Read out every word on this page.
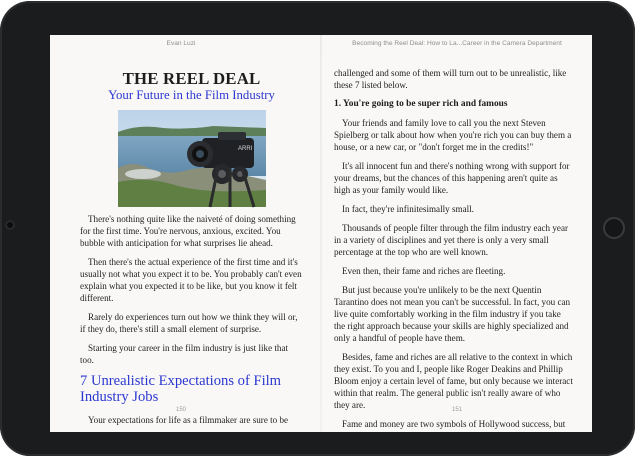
Evan Luzi	Becoming the Reel Deal: How to La...Career in the Camera Department
THE REEL DEAL
Your Future in the Film Industry
ARRI

There's nothing quite like the naiveté of doing something for the first time. You're nervous, anxious, excited. You bubble with anticipation for what surprises lie ahead.

Then there's the actual experience of the first time and it's usually not what you expect it to be. You probably can't even explain what you expected it to be like, but you know it felt different.

Rarely do experiences turn out how we think they will or, if they do, there's still a small element of surprise.

Starting your career in the film industry is just like that too.

7 Unrealistic Expectations of Film Industry Jobs

Your expectations for life as a filmmaker are sure to be

challenged and some of them will turn out to be unrealistic, like these 7 listed below.

1. You're going to be super rich and famous

Your friends and family love to call you the next Steven Spielberg or talk about how when you're rich you can buy them a house, or a new car, or "don't forget me in the credits!"

It's all innocent fun and there's nothing wrong with support for your dreams, but the chances of this happening aren't quite as high as your family would like.

In fact, they're infinitesimally small.

Thousands of people filter through the film industry each year in a variety of disciplines and yet there is only a very small percentage at the top who are well known.

Even then, their fame and riches are fleeting.

But just because you're unlikely to be the next Quentin Tarantino does not mean you can't be successful. In fact, you can live quite comfortably working in the film industry if you take the right approach because your skills are highly specialized and only a handful of people have them.

Besides, fame and riches are all relative to the context in which they exist. To you and I, people like Roger Deakins and Phillip Bloom enjoy a certain level of fame, but only because we interact within that realm. The general public isn't really aware of who they are.

Fame and money are two symbols of Hollywood success, but don't expect them to be yours automatically because you

150	151
